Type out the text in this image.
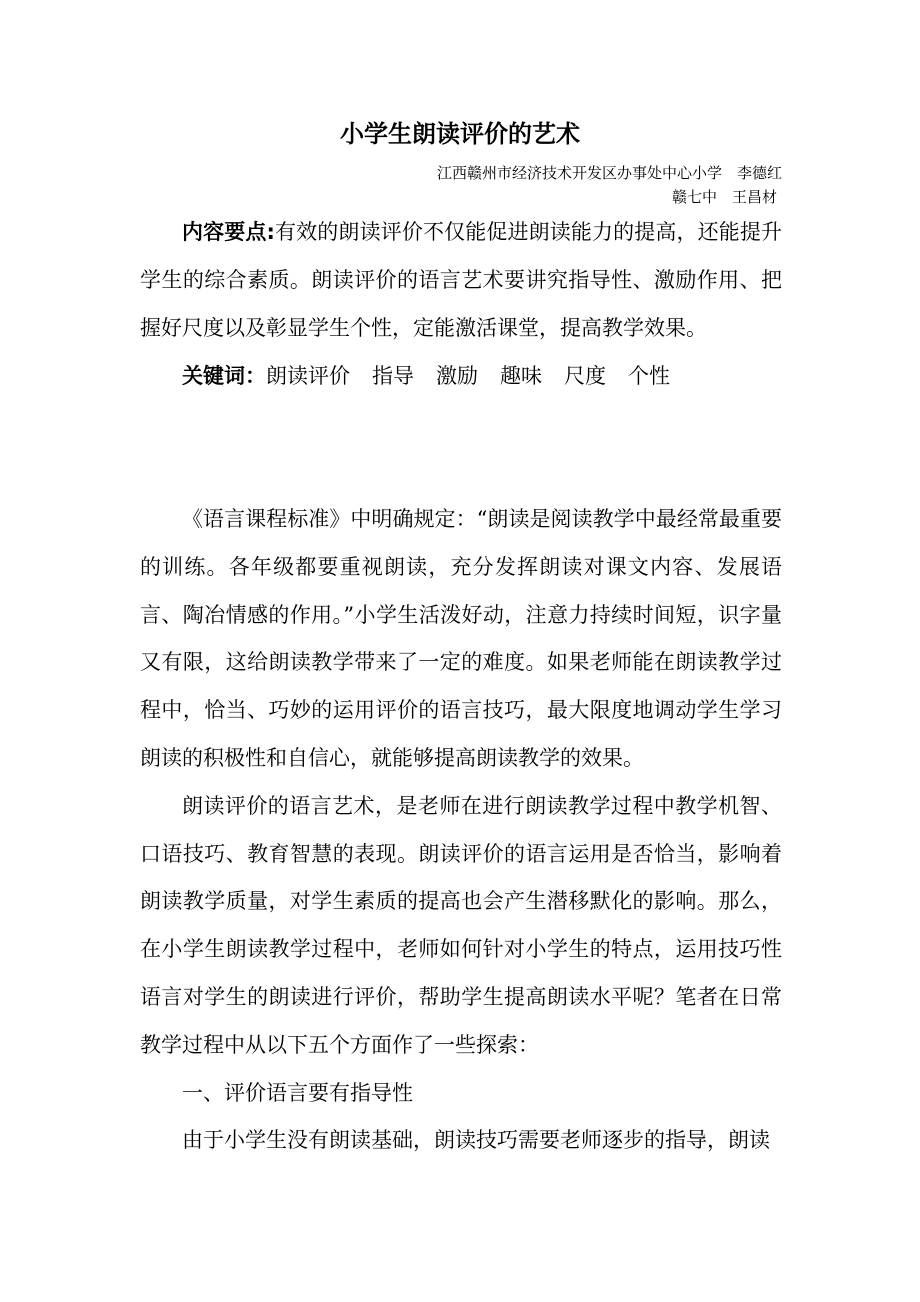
小学生朗读评价的艺术
江西赣州市经济技术开发区办事处中心小学　李德红
赣七中　王昌材

内容要点:有效的朗读评价不仅能促进朗读能力的提高，还能提升学生的综合素质。朗读评价的语言艺术要讲究指导性、激励作用、把握好尺度以及彰显学生个性，定能激活课堂，提高教学效果。

关键词：朗读评价 指导 激励 趣味 尺度 个性

《语言课程标准》中明确规定：“朗读是阅读教学中最经常最重要的训练。各年级都要重视朗读，充分发挥朗读对课文内容、发展语言、陶冶情感的作用。”小学生活泼好动，注意力持续时间短，识字量又有限，这给朗读教学带来了一定的难度。如果老师能在朗读教学过程中，恰当、巧妙的运用评价的语言技巧，最大限度地调动学生学习朗读的积极性和自信心，就能够提高朗读教学的效果。

朗读评价的语言艺术，是老师在进行朗读教学过程中教学机智、口语技巧、教育智慧的表现。朗读评价的语言运用是否恰当，影响着朗读教学质量，对学生素质的提高也会产生潜移默化的影响。那么，在小学生朗读教学过程中，老师如何针对小学生的特点，运用技巧性语言对学生的朗读进行评价，帮助学生提高朗读水平呢？笔者在日常教学过程中从以下五个方面作了一些探索：

一、评价语言要有指导性

由于小学生没有朗读基础，朗读技巧需要老师逐步的指导，朗读
